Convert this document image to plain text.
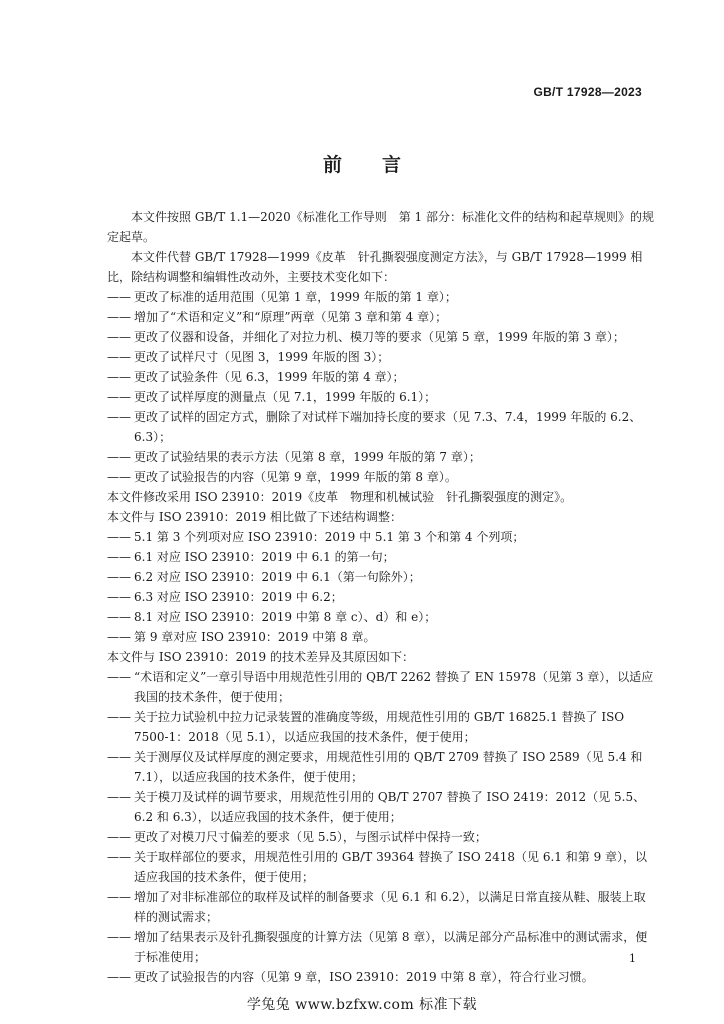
GB/T 17928—2023
前言

本文件按照 GB/T 1.1—2020《标准化工作导则　第 1 部分：标准化文件的结构和起草规则》的规定起草。

本文件代替 GB/T 17928—1999《皮革　针孔撕裂强度测定方法》，与 GB/T 17928—1999 相比，除结构调整和编辑性改动外，主要技术变化如下：

—— 更改了标准的适用范围（见第 1 章，1999 年版的第 1 章）；

—— 增加了“术语和定义”和“原理”两章（见第 3 章和第 4 章）；

—— 更改了仪器和设备，并细化了对拉力机、模刀等的要求（见第 5 章，1999 年版的第 3 章）；

—— 更改了试样尺寸（见图 3，1999 年版的图 3）；

—— 更改了试验条件（见 6.3，1999 年版的第 4 章）；

—— 更改了试样厚度的测量点（见 7.1，1999 年版的 6.1）；

—— 更改了试样的固定方式，删除了对试样下端加持长度的要求（见 7.3、7.4，1999 年版的 6.2、6.3）；

—— 更改了试验结果的表示方法（见第 8 章，1999 年版的第 7 章）；

—— 更改了试验报告的内容（见第 9 章，1999 年版的第 8 章）。

本文件修改采用 ISO 23910：2019《皮革　物理和机械试验　针孔撕裂强度的测定》。

本文件与 ISO 23910：2019 相比做了下述结构调整：

—— 5.1 第 3 个列项对应 ISO 23910：2019 中 5.1 第 3 个和第 4 个列项；

—— 6.1 对应 ISO 23910：2019 中 6.1 的第一句；

—— 6.2 对应 ISO 23910：2019 中 6.1（第一句除外）；

—— 6.3 对应 ISO 23910：2019 中 6.2；

—— 8.1 对应 ISO 23910：2019 中第 8 章 c）、d）和 e）；

—— 第 9 章对应 ISO 23910：2019 中第 8 章。

本文件与 ISO 23910：2019 的技术差异及其原因如下：

—— “术语和定义”一章引导语中用规范性引用的 QB/T 2262 替换了 EN 15978（见第 3 章），以适应我国的技术条件，便于使用；

—— 关于拉力试验机中拉力记录装置的准确度等级，用规范性引用的 GB/T 16825.1 替换了 ISO 7500-1：2018（见 5.1），以适应我国的技术条件，便于使用；

—— 关于测厚仪及试样厚度的测定要求，用规范性引用的 QB/T 2709 替换了 ISO 2589（见 5.4 和 7.1），以适应我国的技术条件，便于使用；

—— 关于模刀及试样的调节要求，用规范性引用的 QB/T 2707 替换了 ISO 2419：2012（见 5.5、6.2 和 6.3），以适应我国的技术条件，便于使用；

—— 更改了对模刀尺寸偏差的要求（见 5.5），与图示试样中保持一致；

—— 关于取样部位的要求，用规范性引用的 GB/T 39364 替换了 ISO 2418（见 6.1 和第 9 章），以适应我国的技术条件，便于使用；

—— 增加了对非标准部位的取样及试样的制备要求（见 6.1 和 6.2），以满足日常直接从鞋、服装上取样的测试需求；

—— 增加了结果表示及针孔撕裂强度的计算方法（见第 8 章），以满足部分产品标准中的测试需求，便于标准使用；

—— 更改了试验报告的内容（见第 9 章，ISO 23910：2019 中第 8 章），符合行业习惯。

1
学兔兔 www.bzfxw.com 标准下载
